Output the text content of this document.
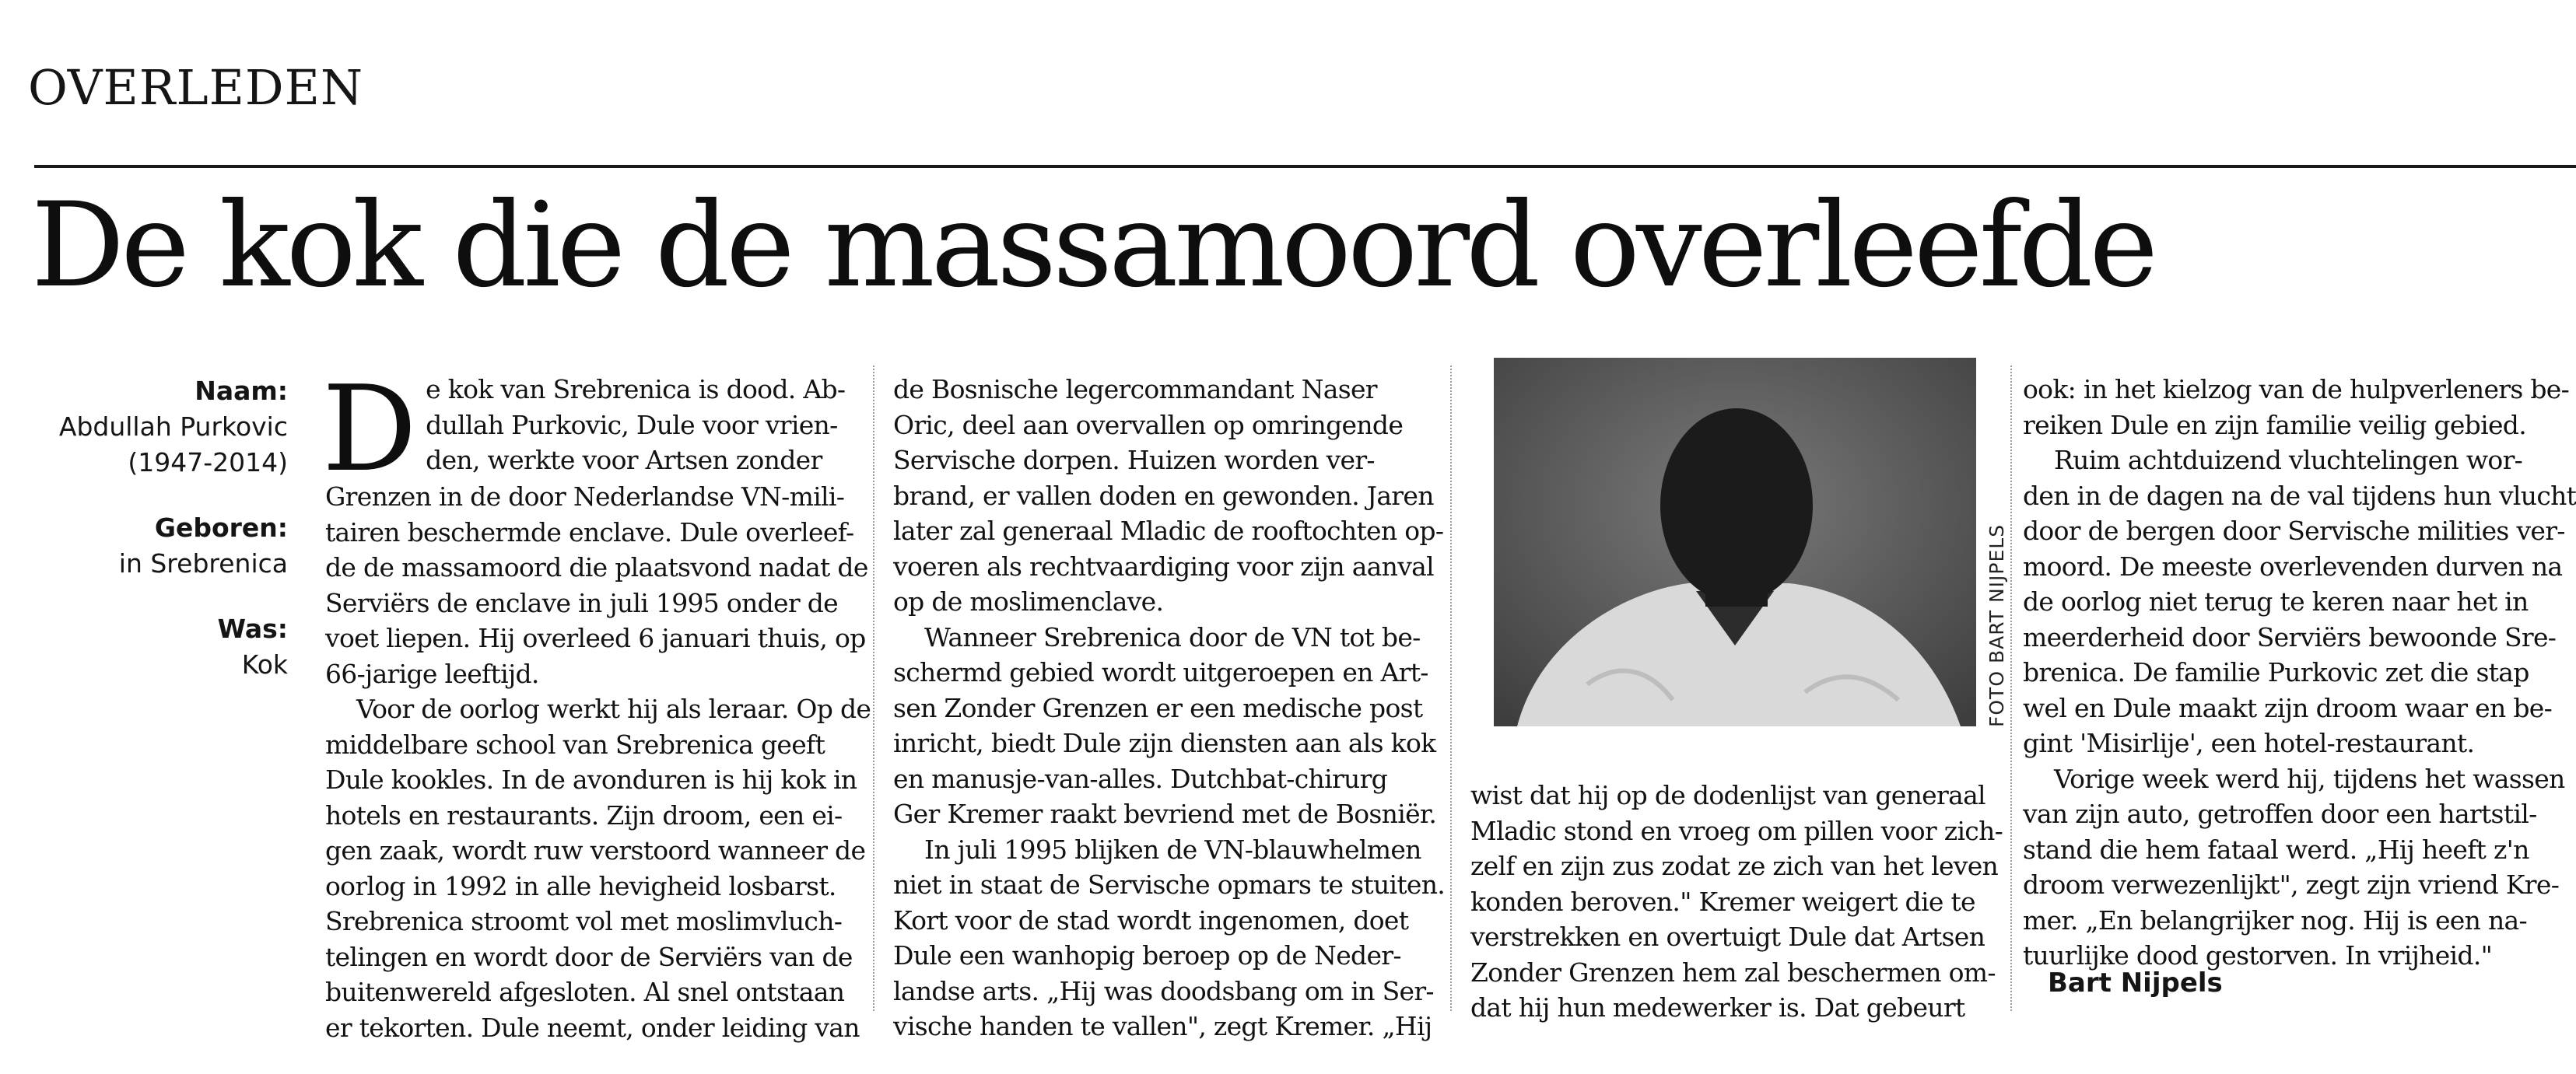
OVERLEDEN
De kok die de massamoord overleefde
Naam:
Abdullah Purkovic
(1947-2014)
Geboren:
in Srebrenica
Was:
Kok
D e kok van Srebrenica is dood. Ab-

dullah Purkovic, Dule voor vrien-

den, werkte voor Artsen zonder

Grenzen in de door Nederlandse VN-mili-

tairen beschermde enclave. Dule overleef-

de de massamoord die plaatsvond nadat de

Serviërs de enclave in juli 1995 onder de

voet liepen. Hij overleed 6 januari thuis, op

66-jarige leeftijd.

Voor de oorlog werkt hij als leraar. Op de

middelbare school van Srebrenica geeft

Dule kookles. In de avonduren is hij kok in

hotels en restaurants. Zijn droom, een ei-

gen zaak, wordt ruw verstoord wanneer de

oorlog in 1992 in alle hevigheid losbarst.

Srebrenica stroomt vol met moslimvluch-

telingen en wordt door de Serviërs van de

buitenwereld afgesloten. Al snel ontstaan

er tekorten. Dule neemt, onder leiding van

de Bosnische legercommandant Naser

Oric, deel aan overvallen op omringende

Servische dorpen. Huizen worden ver-

brand, er vallen doden en gewonden. Jaren

later zal generaal Mladic de rooftochten op-

voeren als rechtvaardiging voor zijn aanval

op de moslimenclave.

Wanneer Srebrenica door de VN tot be-

schermd gebied wordt uitgeroepen en Art-

sen Zonder Grenzen er een medische post

inricht, biedt Dule zijn diensten aan als kok

en manusje-van-alles. Dutchbat-chirurg

Ger Kremer raakt bevriend met de Bosniër.

In juli 1995 blijken de VN-blauwhelmen

niet in staat de Servische opmars te stuiten.

Kort voor de stad wordt ingenomen, doet

Dule een wanhopig beroep op de Neder-

landse arts. „Hij was doodsbang om in Ser-

vische handen te vallen", zegt Kremer. „Hij

FOTO BART NIJPELS

wist dat hij op de dodenlijst van generaal

Mladic stond en vroeg om pillen voor zich-

zelf en zijn zus zodat ze zich van het leven

konden beroven." Kremer weigert die te

verstrekken en overtuigt Dule dat Artsen

Zonder Grenzen hem zal beschermen om-

dat hij hun medewerker is. Dat gebeurt

ook: in het kielzog van de hulpverleners be-

reiken Dule en zijn familie veilig gebied.

Ruim achtduizend vluchtelingen wor-

den in de dagen na de val tijdens hun vlucht

door de bergen door Servische milities ver-

moord. De meeste overlevenden durven na

de oorlog niet terug te keren naar het in

meerderheid door Serviërs bewoonde Sre-

brenica. De familie Purkovic zet die stap

wel en Dule maakt zijn droom waar en be-

gint 'Misirlije', een hotel-restaurant.

Vorige week werd hij, tijdens het wassen

van zijn auto, getroffen door een hartstil-

stand die hem fataal werd. „Hij heeft z'n

droom verwezenlijkt", zegt zijn vriend Kre-

mer. „En belangrijker nog. Hij is een na-

tuurlijke dood gestorven. In vrijheid."

Bart Nijpels
